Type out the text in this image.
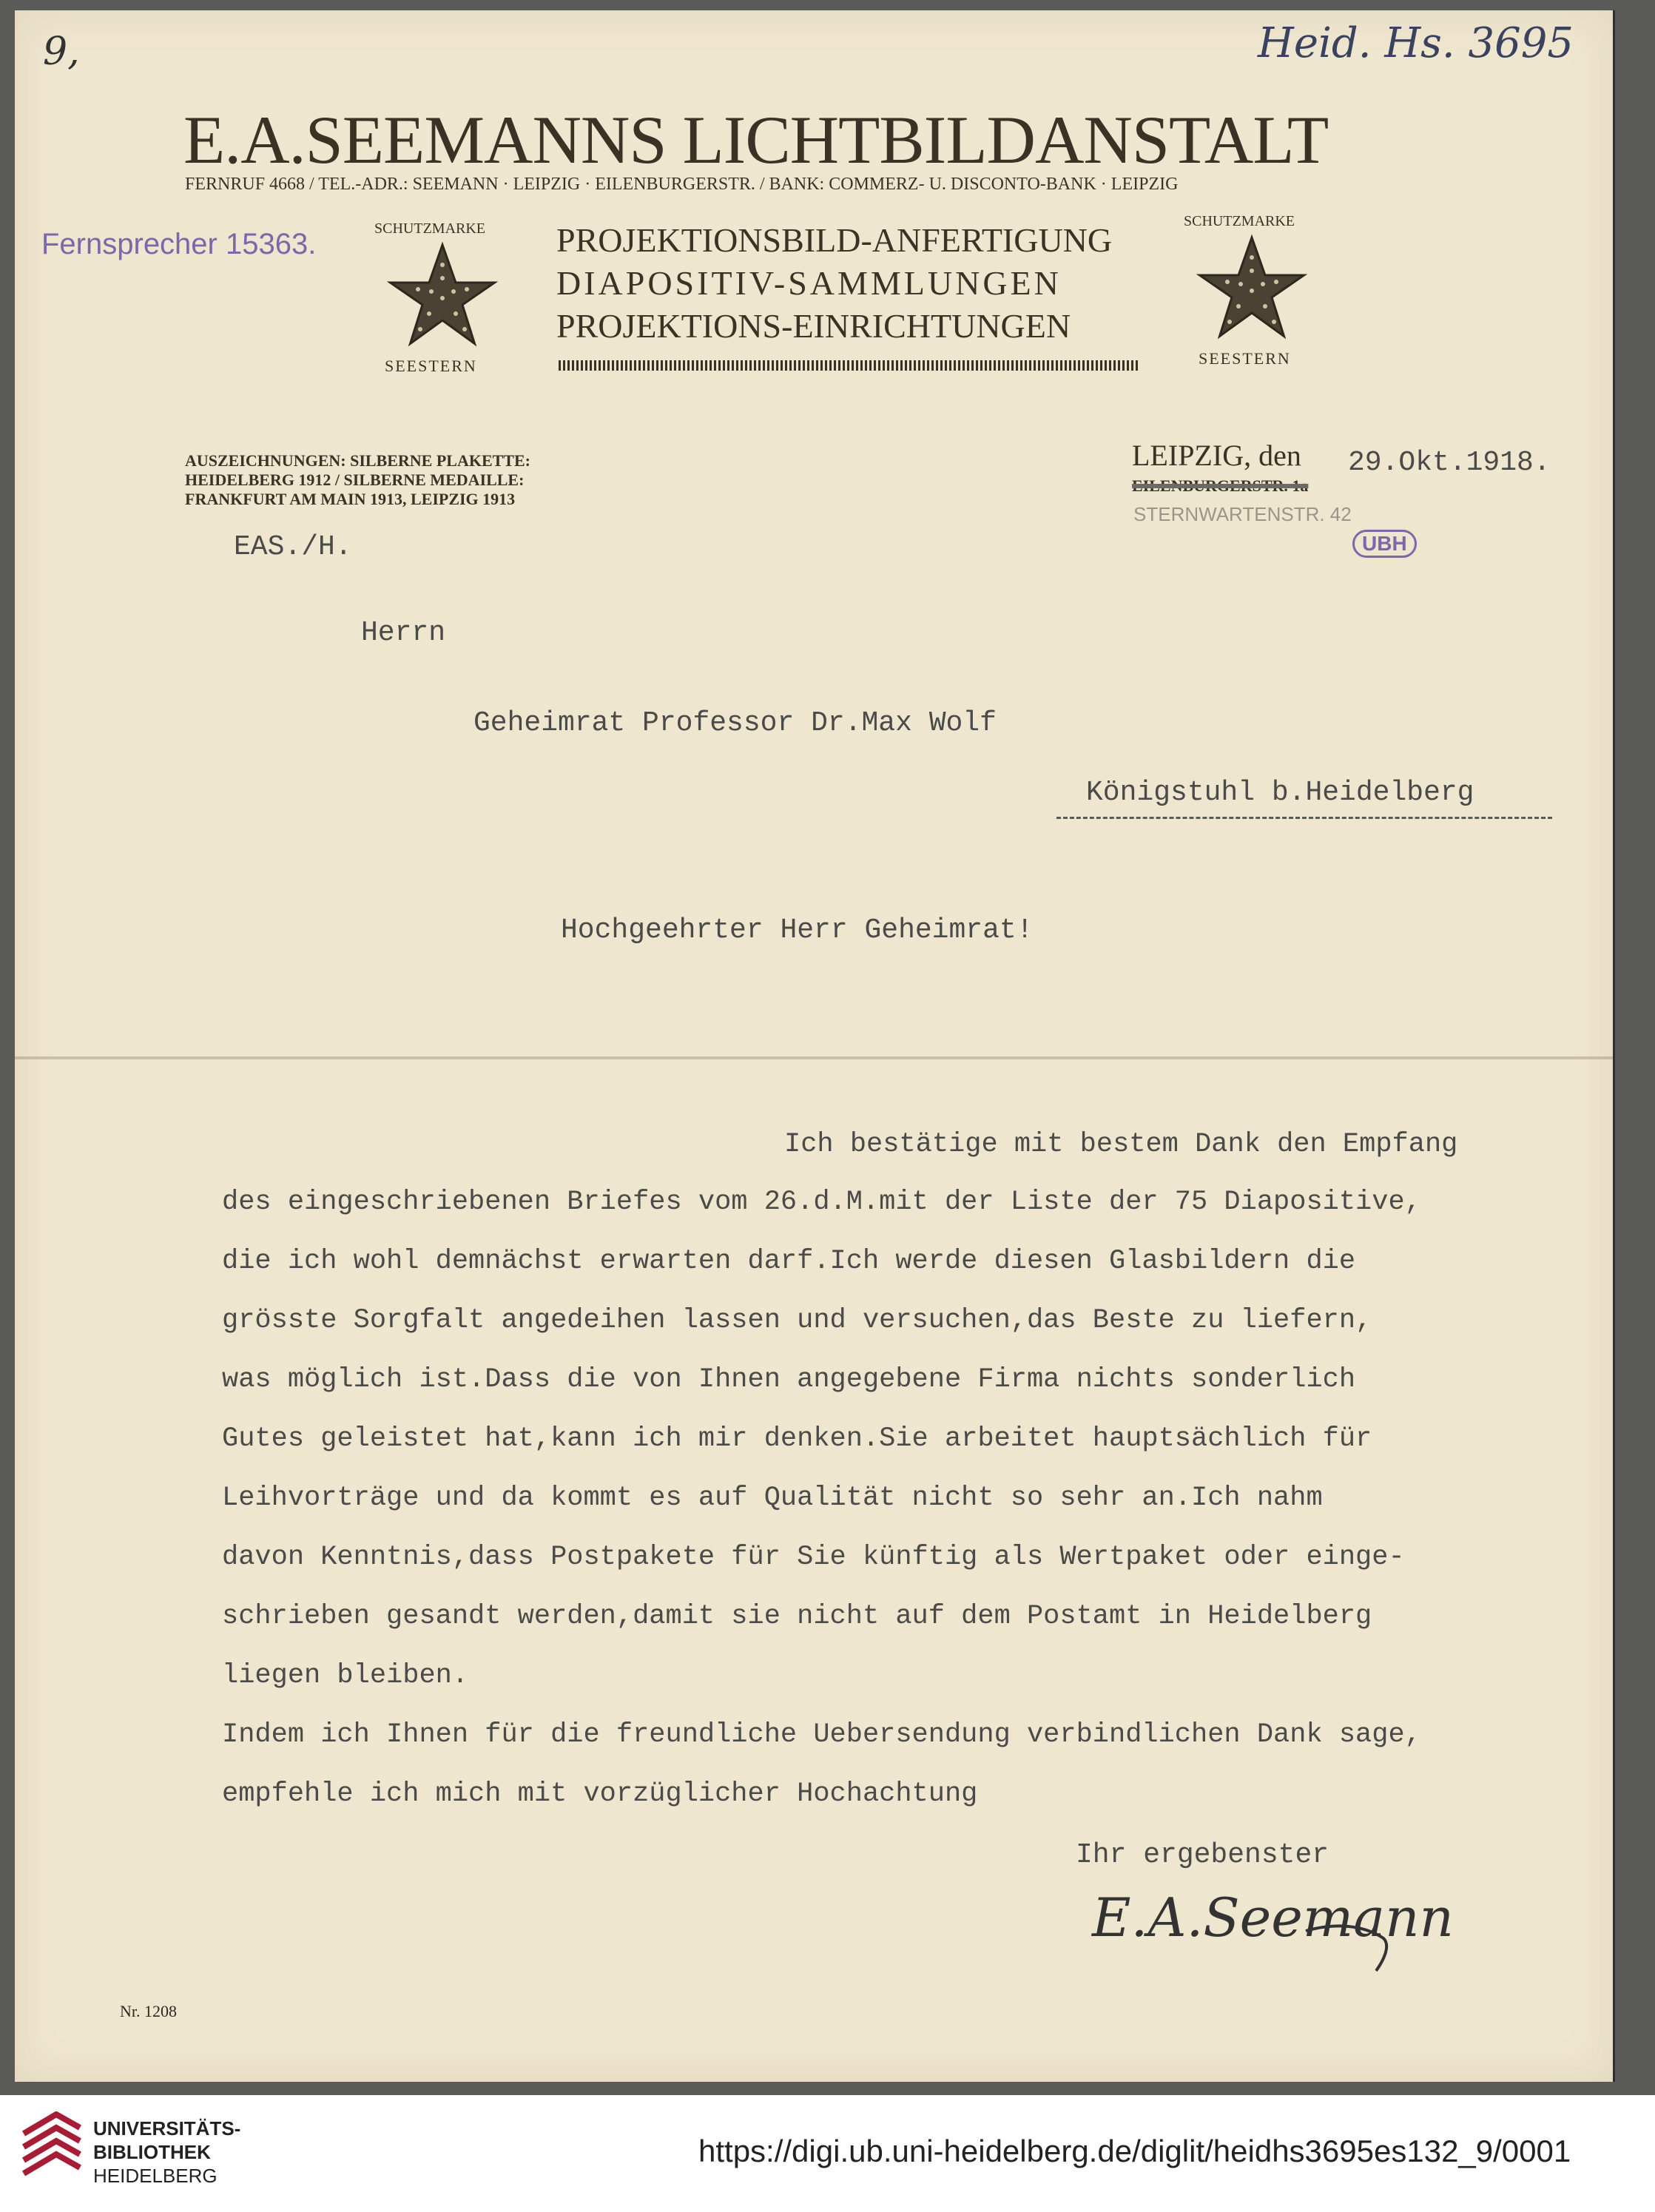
9,	Heid. Hs. 3695
E.A.SEEMANNS LICHTBILDANSTALT
FERNRUF 4668 / TEL.-ADR.: SEEMANN · LEIPZIG · EILENBURGERSTR. / BANK: COMMERZ- U. DISCONTO-BANK · LEIPZIG
Fernsprecher 15363.	SCHUTZMARKE
SEESTERN
PROJEKTIONSBILD-ANFERTIGUNG
DIAPOSITIV-SAMMLUNGEN
PROJEKTIONS-EINRICHTUNGEN
SCHUTZMARKE
SEESTERN
AUSZEICHNUNGEN: SILBERNE PLAKETTE:
HEIDELBERG 1912 / SILBERNE MEDAILLE:
FRANKFURT AM MAIN 1913, LEIPZIG 1913
LEIPZIG, den 29.Okt.1918.
EILENBURGERSTR. 1a
STERNWARTENSTR. 42
UBH
EAS./H.
Herrn
Geheimrat Professor Dr.Max Wolf
Königstuhl b.Heidelberg
Hochgeehrter Herr Geheimrat!
Ich bestätige mit bestem Dank den Empfang
des eingeschriebenen Briefes vom 26.d.M.mit der Liste der 75 Diapositive,
die ich wohl demnächst erwarten darf.Ich werde diesen Glasbildern die
grösste Sorgfalt angedeihen lassen und versuchen,das Beste zu liefern,
was möglich ist.Dass die von Ihnen angegebene Firma nichts sonderlich
Gutes geleistet hat,kann ich mir denken.Sie arbeitet hauptsächlich für
Leihvorträge und da kommt es auf Qualität nicht so sehr an.Ich nahm
davon Kenntnis,dass Postpakete für Sie künftig als Wertpaket oder einge-
schrieben gesandt werden,damit sie nicht auf dem Postamt in Heidelberg
liegen bleiben.
Indem ich Ihnen für die freundliche Uebersendung verbindlichen Dank sage,
empfehle ich mich mit vorzüglicher Hochachtung
Ihr ergebenster
E.A.Seemann
Nr. 1208
UNIVERSITÄTS-
BIBLIOTHEK
HEIDELBERG
https://digi.ub.uni-heidelberg.de/diglit/heidhs3695es132_9/0001
